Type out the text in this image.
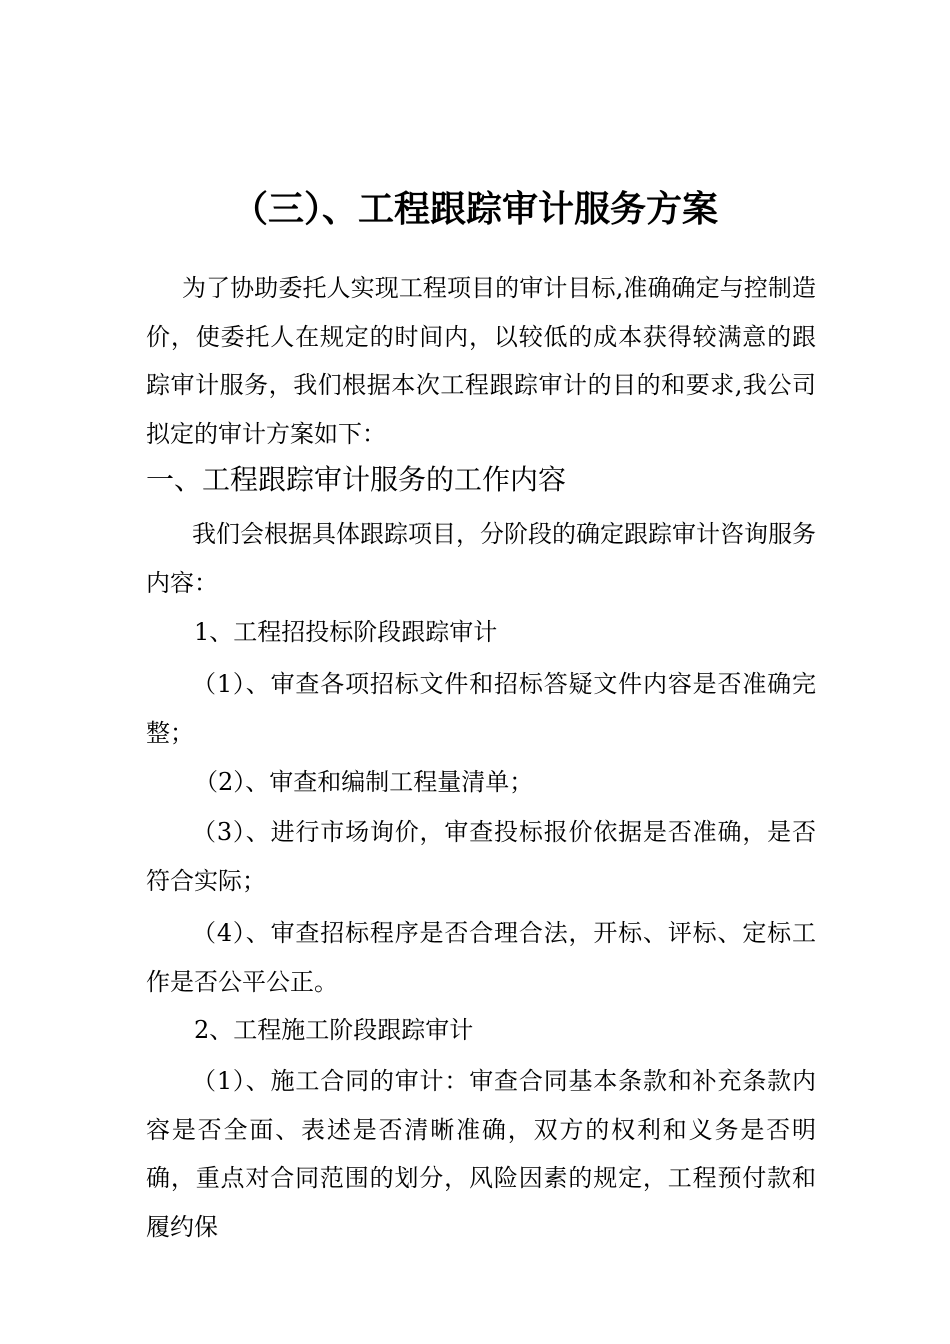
（三）、工程跟踪审计服务方案

为了协助委托人实现工程项目的审计目标,准确确定与控制造价，使委托人在规定的时间内，以较低的成本获得较满意的跟踪审计服务，我们根据本次工程跟踪审计的目的和要求,我公司拟定的审计方案如下：

一、工程跟踪审计服务的工作内容

我们会根据具体跟踪项目，分阶段的确定跟踪审计咨询服务内容：

1、工程招投标阶段跟踪审计

（1）、审查各项招标文件和招标答疑文件内容是否准确完整；

（2）、审查和编制工程量清单；

（3）、进行市场询价，审查投标报价依据是否准确，是否符合实际；

（4）、审查招标程序是否合理合法，开标、评标、定标工作是否公平公正。

2、工程施工阶段跟踪审计

（1）、施工合同的审计：审查合同基本条款和补充条款内容是否全面、表述是否清晰准确，双方的权利和义务是否明确，重点对合同范围的划分，风险因素的规定，工程预付款和履约保
